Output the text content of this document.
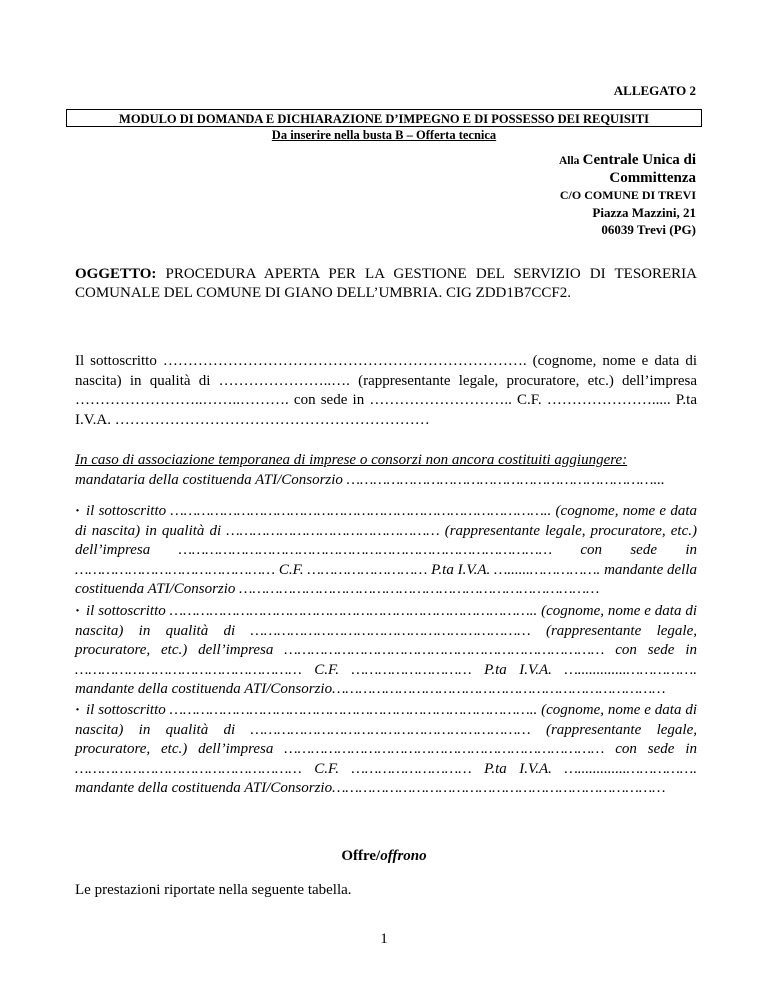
ALLEGATO 2
MODULO DI DOMANDA E DICHIARAZIONE D’IMPEGNO E DI POSSESSO DEI REQUISITI
Da inserire nella busta B – Offerta tecnica
Alla Centrale Unica di
Committenza
C/O COMUNE DI TREVI
Piazza Mazzini, 21
06039 Trevi (PG)
OGGETTO: PROCEDURA APERTA PER LA GESTIONE DEL SERVIZIO DI TESORERIA COMUNALE DEL COMUNE DI GIANO DELL’UMBRIA. CIG ZDD1B7CCF2.
Il sottoscritto ………………………………………………………………. (cognome, nome e data di nascita) in qualità di …………………..…. (rappresentante legale, procuratore, etc.) dell’impresa ……………………..……..………. con sede in ……………………….. C.F. …………………..... P.ta I.V.A. ………………………………………………………
In caso di associazione temporanea di imprese o consorzi non ancora costituiti aggiungere:
mandataria della costituenda ATI/Consorzio ……………………………………………………………...
· il sottoscritto ………………………………………………………………………….. (cognome, nome e data di nascita) in qualità di ………………………………………… (rappresentante legale, procuratore, etc.) dell’impresa ………………………………………………………………………… con sede in ……………………………………… C.F. ……………………… P.ta I.V.A. …......……………. mandante della costituenda ATI/Consorzio ………………………………………………………………………
· il sottoscritto ……………………………………………………………………….. (cognome, nome e data di nascita) in qualità di ……………………………………………………… (rappresentante legale, procuratore, etc.) dell’impresa ……………………………………………………………… con sede in …………………………………………… C.F. ……………………… P.ta I.V.A. ….............……………. mandante della costituenda ATI/Consorzio…………………………………………………………………
· il sottoscritto ……………………………………………………………………….. (cognome, nome e data di nascita) in qualità di ……………………………………………………… (rappresentante legale, procuratore, etc.) dell’impresa ……………………………………………………………… con sede in …………………………………………… C.F. ……………………… P.ta I.V.A. ….............……………. mandante della costituenda ATI/Consorzio…………………………………………………………………
Offre/offrono
Le prestazioni riportate nella seguente tabella.
1
